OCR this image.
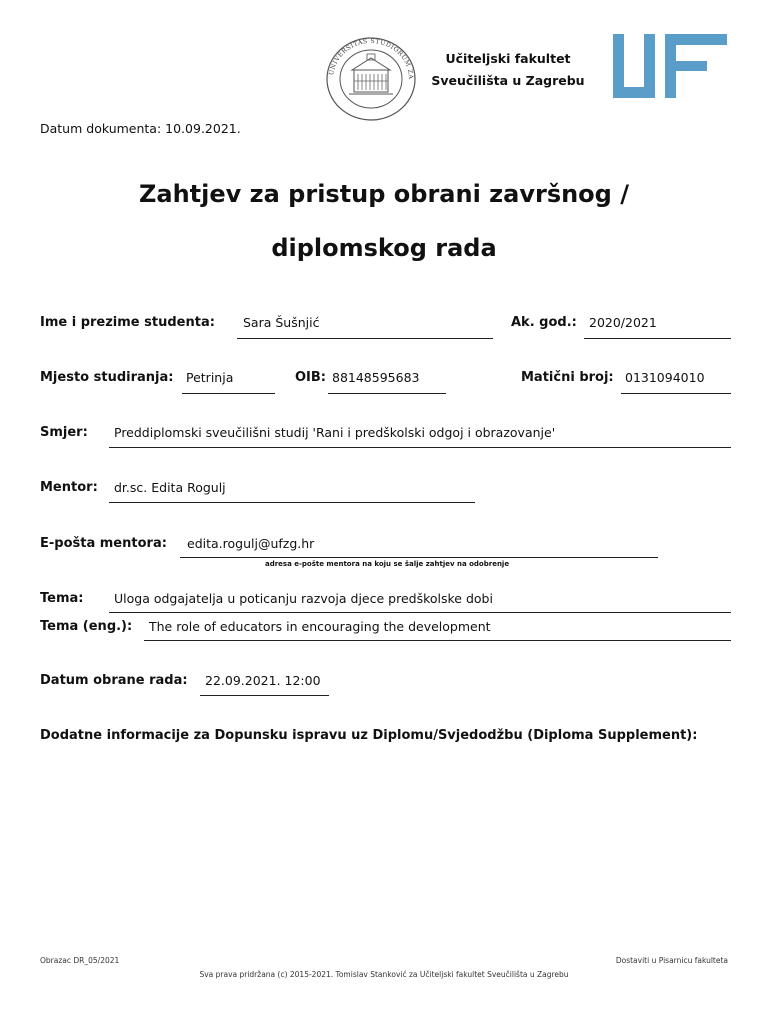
UNIVERSITAS STUDIORUM ZA
Učiteljski fakultet
Sveučilišta u Zagrebu
Datum dokumenta: 10.09.2021.
Zahtjev za pristup obrani završnog /
diplomskog rada
Ime i prezime studenta: Sara Šušnjić	Ak. god.: 2020/2021
Mjesto studiranja: Petrinja	OIB: 88148595683	Matični broj: 0131094010
Smjer: Preddiplomski sveučilišni studij 'Rani i predškolski odgoj i obrazovanje'
Mentor: dr.sc. Edita Rogulj
E-pošta mentora: edita.rogulj@ufzg.hr
adresa e-pošte mentora na koju se šalje zahtjev na odobrenje
Tema: Uloga odgajatelja u poticanju razvoja djece predškolske dobi
Tema (eng.): The role of educators in encouraging the development
Datum obrane rada: 22.09.2021. 12:00
Dodatne informacije za Dopunsku ispravu uz Diplomu/Svjedodžbu (Diploma Supplement):
Obrazac DR_05/2021	Dostaviti u Pisarnicu fakulteta
Sva prava pridržana (c) 2015-2021. Tomislav Stanković za Učiteljski fakultet Sveučilišta u Zagrebu
